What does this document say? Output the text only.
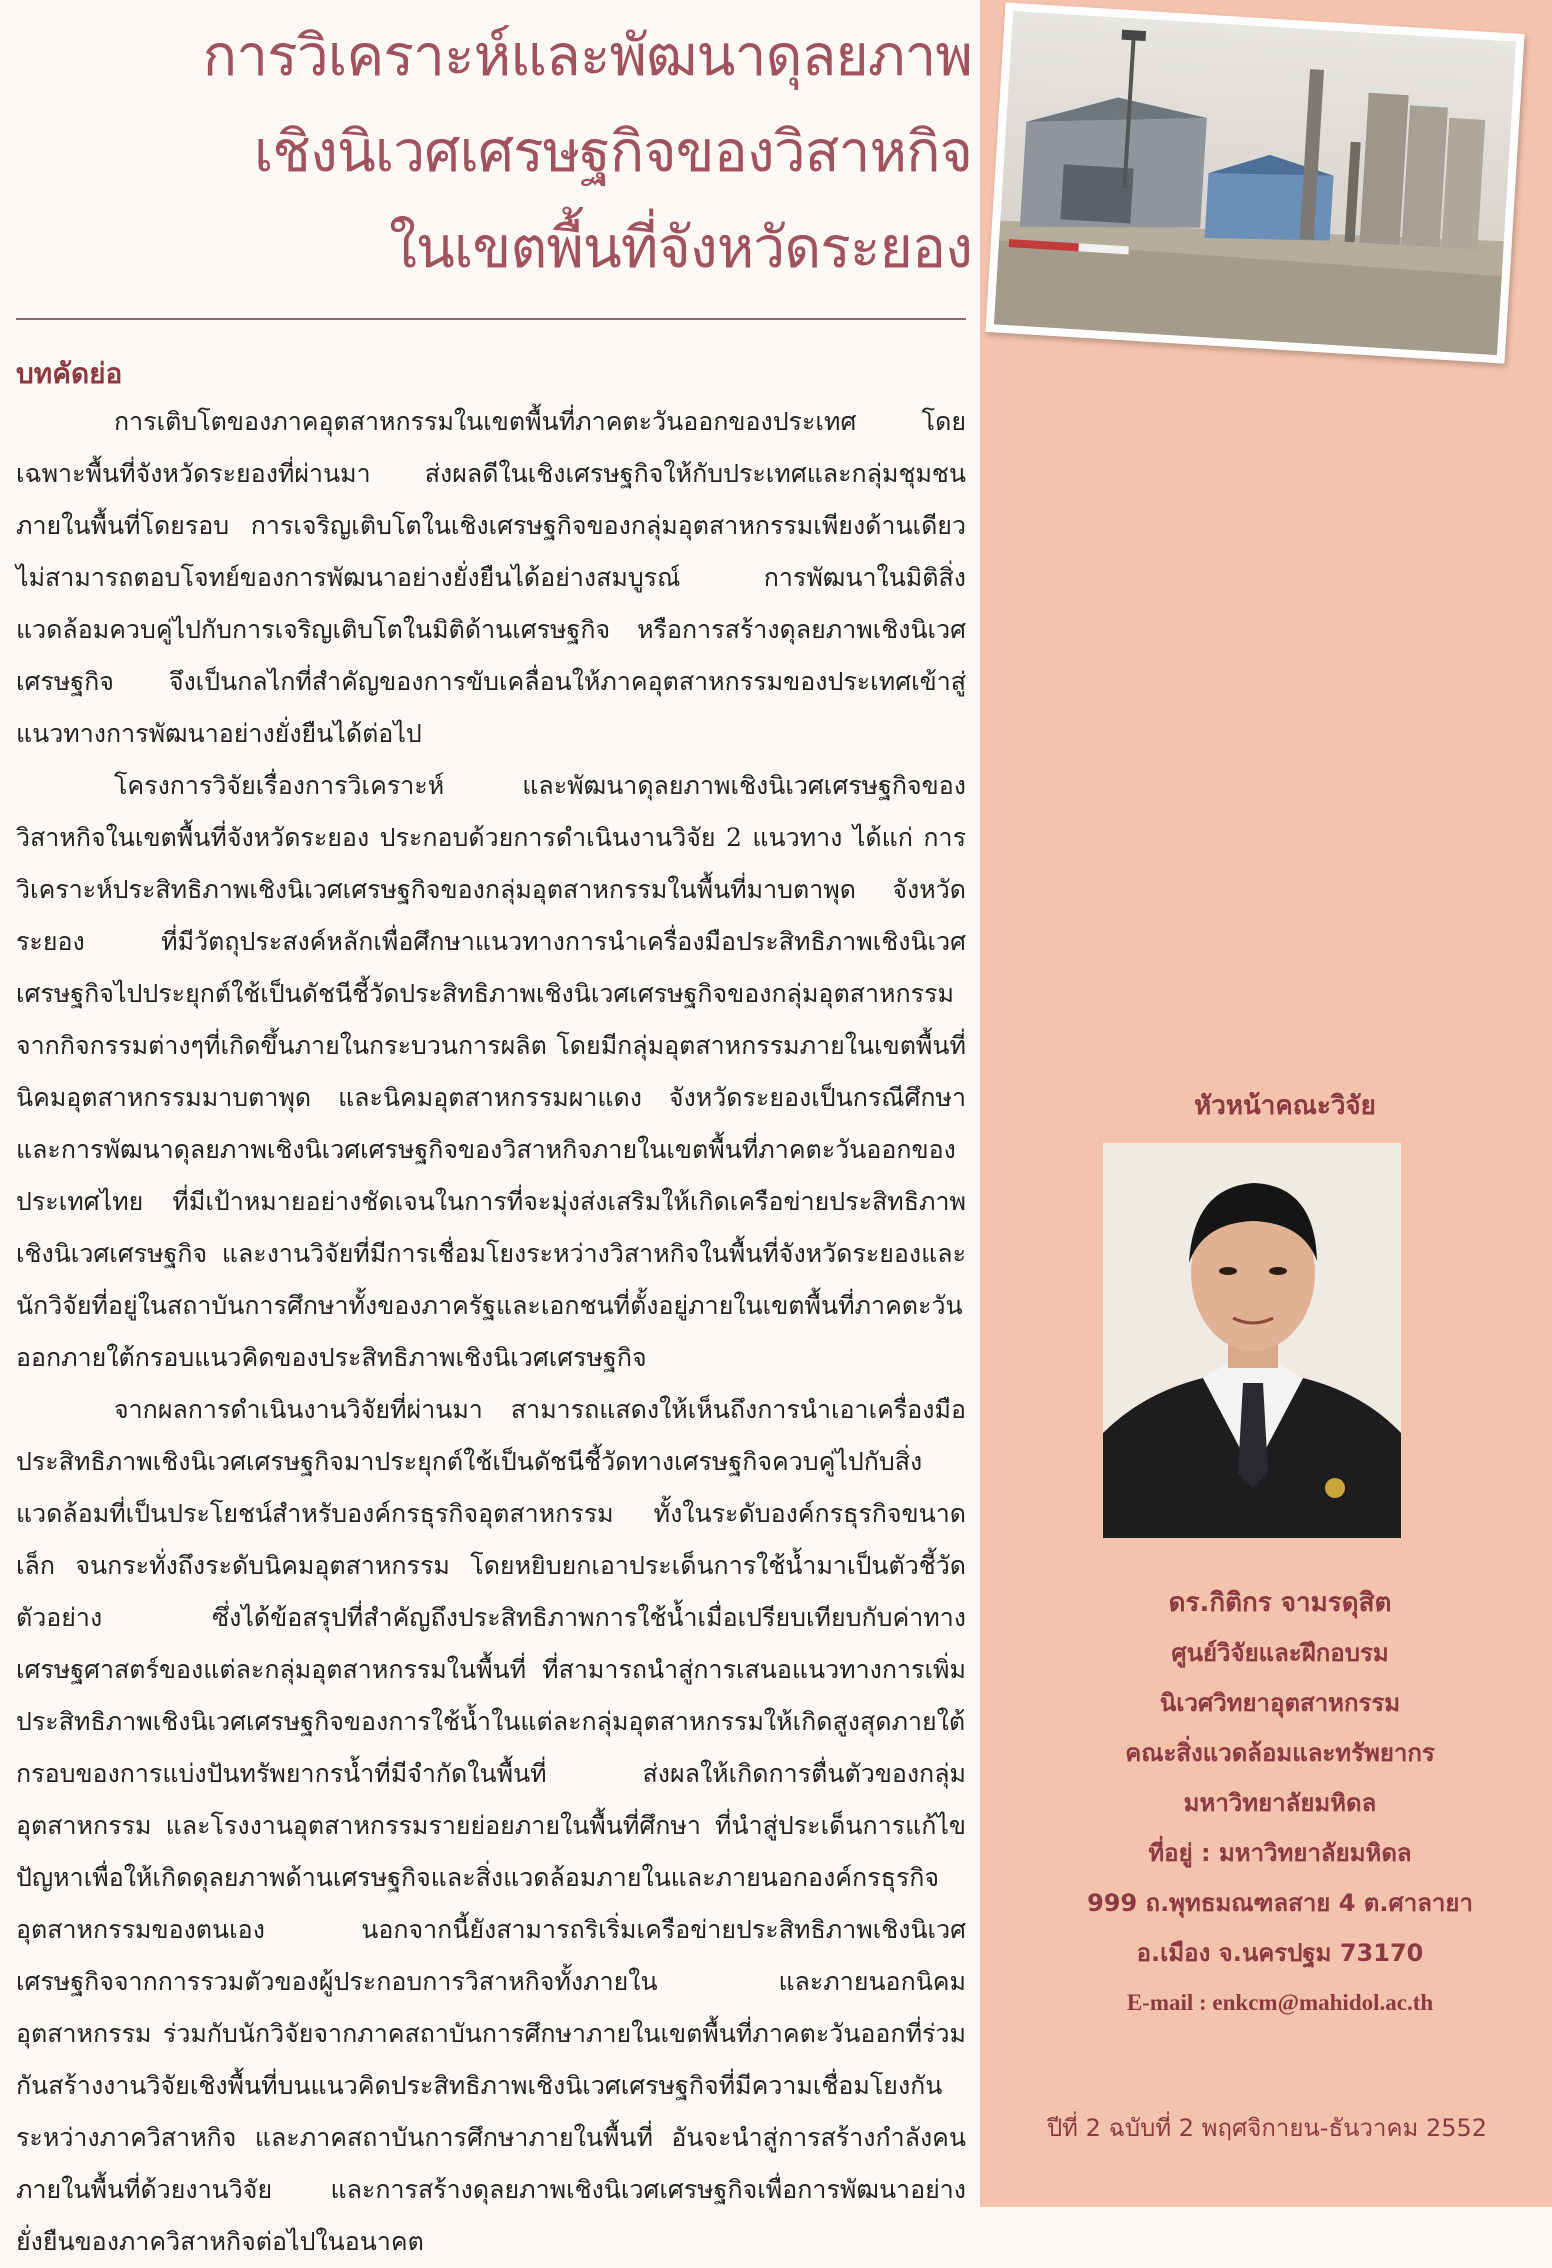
การวิเคราะห์และพัฒนาดุลยภาพ
เชิงนิเวศเศรษฐกิจของวิสาหกิจ
ในเขตพื้นที่จังหวัดระยอง
บทคัดย่อ

การเติบโตของภาคอุตสาหกรรมในเขตพื้นที่ภาคตะวันออกของประเทศ โดยเฉพาะพื้นที่จังหวัดระยองที่ผ่านมา ส่งผลดีในเชิงเศรษฐกิจให้กับประเทศและกลุ่มชุมชนภายในพื้นที่โดยรอบ การเจริญเติบโตในเชิงเศรษฐกิจของกลุ่มอุตสาหกรรมเพียงด้านเดียวไม่สามารถตอบโจทย์ของการพัฒนาอย่างยั่งยืนได้อย่างสมบูรณ์ การพัฒนาในมิติสิ่งแวดล้อมควบคู่ไปกับการเจริญเติบโตในมิติด้านเศรษฐกิจ หรือการสร้างดุลยภาพเชิงนิเวศเศรษฐกิจ จึงเป็นกลไกที่สำคัญของการขับเคลื่อนให้ภาคอุตสาหกรรมของประเทศเข้าสู่แนวทางการพัฒนาอย่างยั่งยืนได้ต่อไป

โครงการวิจัยเรื่องการวิเคราะห์ และพัฒนาดุลยภาพเชิงนิเวศเศรษฐกิจของวิสาหกิจในเขตพื้นที่จังหวัดระยอง ประกอบด้วยการดำเนินงานวิจัย 2 แนวทาง ได้แก่ การวิเคราะห์ประสิทธิภาพเชิงนิเวศเศรษฐกิจของกลุ่มอุตสาหกรรมในพื้นที่มาบตาพุด จังหวัดระยอง ที่มีวัตถุประสงค์หลักเพื่อศึกษาแนวทางการนำเครื่องมือประสิทธิภาพเชิงนิเวศเศรษฐกิจไปประยุกต์ใช้เป็นดัชนีชี้วัดประสิทธิภาพเชิงนิเวศเศรษฐกิจของกลุ่มอุตสาหกรรม จากกิจกรรมต่างๆที่เกิดขึ้นภายในกระบวนการผลิต โดยมีกลุ่มอุตสาหกรรมภายในเขตพื้นที่นิคมอุตสาหกรรมมาบตาพุด และนิคมอุตสาหกรรมผาแดง จังหวัดระยองเป็นกรณีศึกษา และการพัฒนาดุลยภาพเชิงนิเวศเศรษฐกิจของวิสาหกิจภายในเขตพื้นที่ภาคตะวันออกของประเทศไทย ที่มีเป้าหมายอย่างชัดเจนในการที่จะมุ่งส่งเสริมให้เกิดเครือข่ายประสิทธิภาพเชิงนิเวศเศรษฐกิจ และงานวิจัยที่มีการเชื่อมโยงระหว่างวิสาหกิจในพื้นที่จังหวัดระยองและนักวิจัยที่อยู่ในสถาบันการศึกษาทั้งของภาครัฐและเอกชนที่ตั้งอยู่ภายในเขตพื้นที่ภาคตะวันออกภายใต้กรอบแนวคิดของประสิทธิภาพเชิงนิเวศเศรษฐกิจ

จากผลการดำเนินงานวิจัยที่ผ่านมา สามารถแสดงให้เห็นถึงการนำเอาเครื่องมือประสิทธิภาพเชิงนิเวศเศรษฐกิจมาประยุกต์ใช้เป็นดัชนีชี้วัดทางเศรษฐกิจควบคู่ไปกับสิ่งแวดล้อมที่เป็นประโยชน์สำหรับองค์กรธุรกิจอุตสาหกรรม ทั้งในระดับองค์กรธุรกิจขนาดเล็ก จนกระทั่งถึงระดับนิคมอุตสาหกรรม โดยหยิบยกเอาประเด็นการใช้น้ำมาเป็นตัวชี้วัดตัวอย่าง ซึ่งได้ข้อสรุปที่สำคัญถึงประสิทธิภาพการใช้น้ำเมื่อเปรียบเทียบกับค่าทางเศรษฐศาสตร์ของแต่ละกลุ่มอุตสาหกรรมในพื้นที่ ที่สามารถนำสู่การเสนอแนวทางการเพิ่มประสิทธิภาพเชิงนิเวศเศรษฐกิจของการใช้น้ำในแต่ละกลุ่มอุตสาหกรรมให้เกิดสูงสุดภายใต้กรอบของการแบ่งปันทรัพยากรน้ำที่มีจำกัดในพื้นที่ ส่งผลให้เกิดการตื่นตัวของกลุ่มอุตสาหกรรม และโรงงานอุตสาหกรรมรายย่อยภายในพื้นที่ศึกษา ที่นำสู่ประเด็นการแก้ไขปัญหาเพื่อให้เกิดดุลยภาพด้านเศรษฐกิจและสิ่งแวดล้อมภายในและภายนอกองค์กรธุรกิจอุตสาหกรรมของตนเอง นอกจากนี้ยังสามารถริเริ่มเครือข่ายประสิทธิภาพเชิงนิเวศเศรษฐกิจจากการรวมตัวของผู้ประกอบการวิสาหกิจทั้งภายใน และภายนอกนิคมอุตสาหกรรม ร่วมกับนักวิจัยจากภาคสถาบันการศึกษาภายในเขตพื้นที่ภาคตะวันออกที่ร่วมกันสร้างงานวิจัยเชิงพื้นที่บนแนวคิดประสิทธิภาพเชิงนิเวศเศรษฐกิจที่มีความเชื่อมโยงกันระหว่างภาควิสาหกิจ และภาคสถาบันการศึกษาภายในพื้นที่ อันจะนำสู่การสร้างกำลังคนภายในพื้นที่ด้วยงานวิจัย และการสร้างดุลยภาพเชิงนิเวศเศรษฐกิจเพื่อการพัฒนาอย่างยั่งยืนของภาควิสาหกิจต่อไปในอนาคต

หัวหน้าคณะวิจัย
ดร.กิติกร จามรดุสิต
ศูนย์วิจัยและฝึกอบรม
นิเวศวิทยาอุตสาหกรรม
คณะสิ่งแวดล้อมและทรัพยากร
มหาวิทยาลัยมหิดล
ที่อยู่ : มหาวิทยาลัยมหิดล
999 ถ.พุทธมณฑลสาย 4 ต.ศาลายา
อ.เมือง จ.นครปฐม 73170
E-mail : enkcm@mahidol.ac.th
ปีที่ 2 ฉบับที่ 2 พฤศจิกายน-ธันวาคม 2552
